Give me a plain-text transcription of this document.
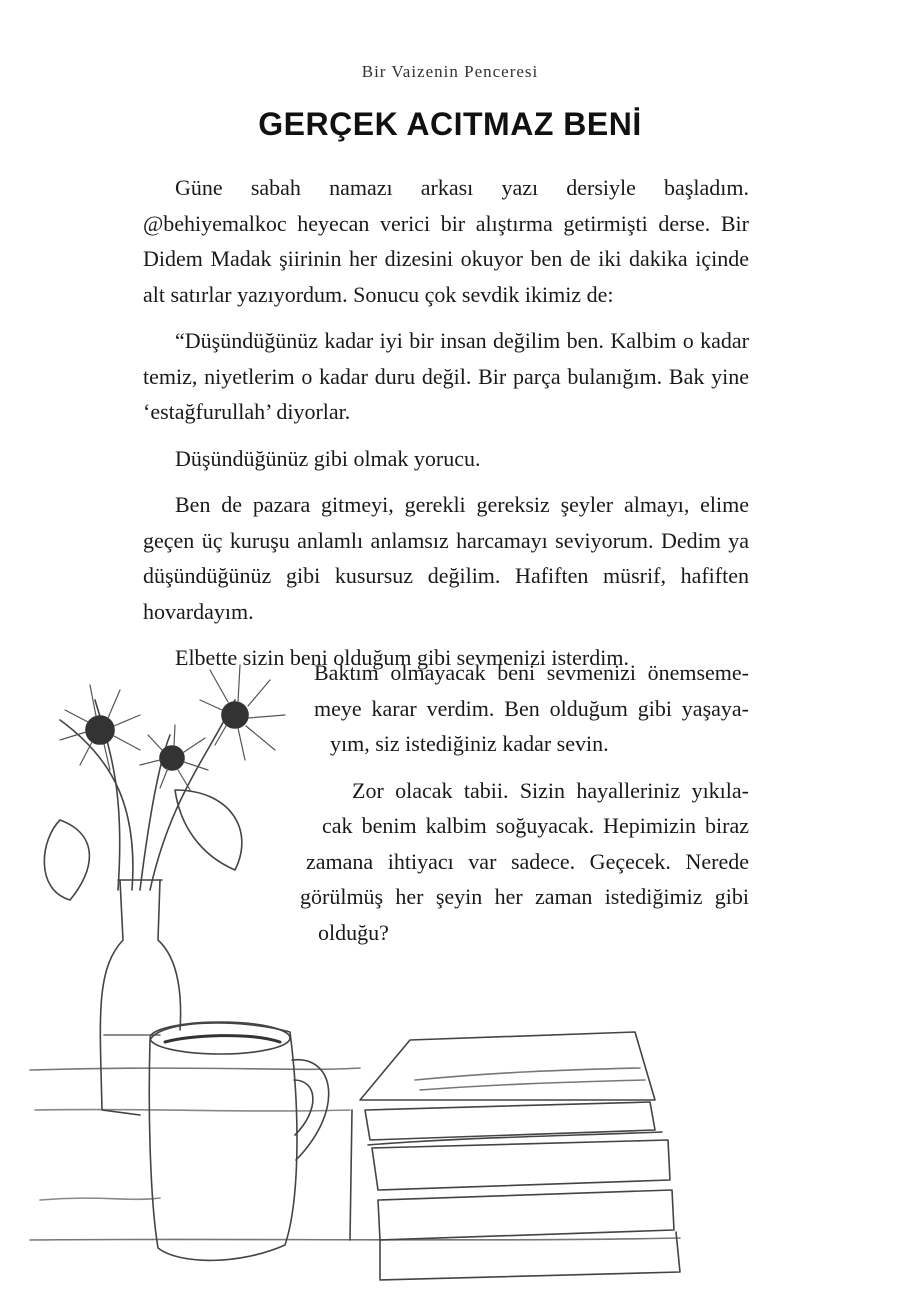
Bir Vaizenin Penceresi
GERÇEK ACITMAZ BENİ

Güne sabah namazı arkası yazı dersiyle başladım. @behiyemalkoc heyecan verici bir alıştırma getirmişti derse. Bir Didem Madak şiirinin her dizesini okuyor ben de iki dakika içinde alt satırlar yazıyordum. Sonucu çok sevdik ikimiz de:

“Düşündüğünüz kadar iyi bir insan değilim ben. Kalbim o kadar temiz, niyetlerim o kadar duru değil. Bir parça bulanığım. Bak yine ‘estağfurullah’ diyorlar.

Düşündüğünüz gibi olmak yorucu.

Ben de pazara gitmeyi, gerekli gereksiz şeyler almayı, elime geçen üç kuruşu anlamlı anlamsız harcamayı seviyorum. Dedim ya düşündüğünüz gibi kusursuz değilim. Hafiften müsrif, hafiften hovardayım.

Elbette sizin beni olduğum gibi sevmenizi isterdim.

Baktım olmayacak beni sevmenizi önemseme-
meye karar verdim. Ben olduğum gibi yaşaya-
yım, siz istediğiniz kadar sevin.

Zor olacak tabii. Sizin hayalleriniz yıkıla-
cak benim kalbim soğuyacak. Hepimizin biraz
zamana ihtiyacı var sadece. Geçecek. Nerede
görülmüş her şeyin her zaman istediğimiz gibi
olduğu?
